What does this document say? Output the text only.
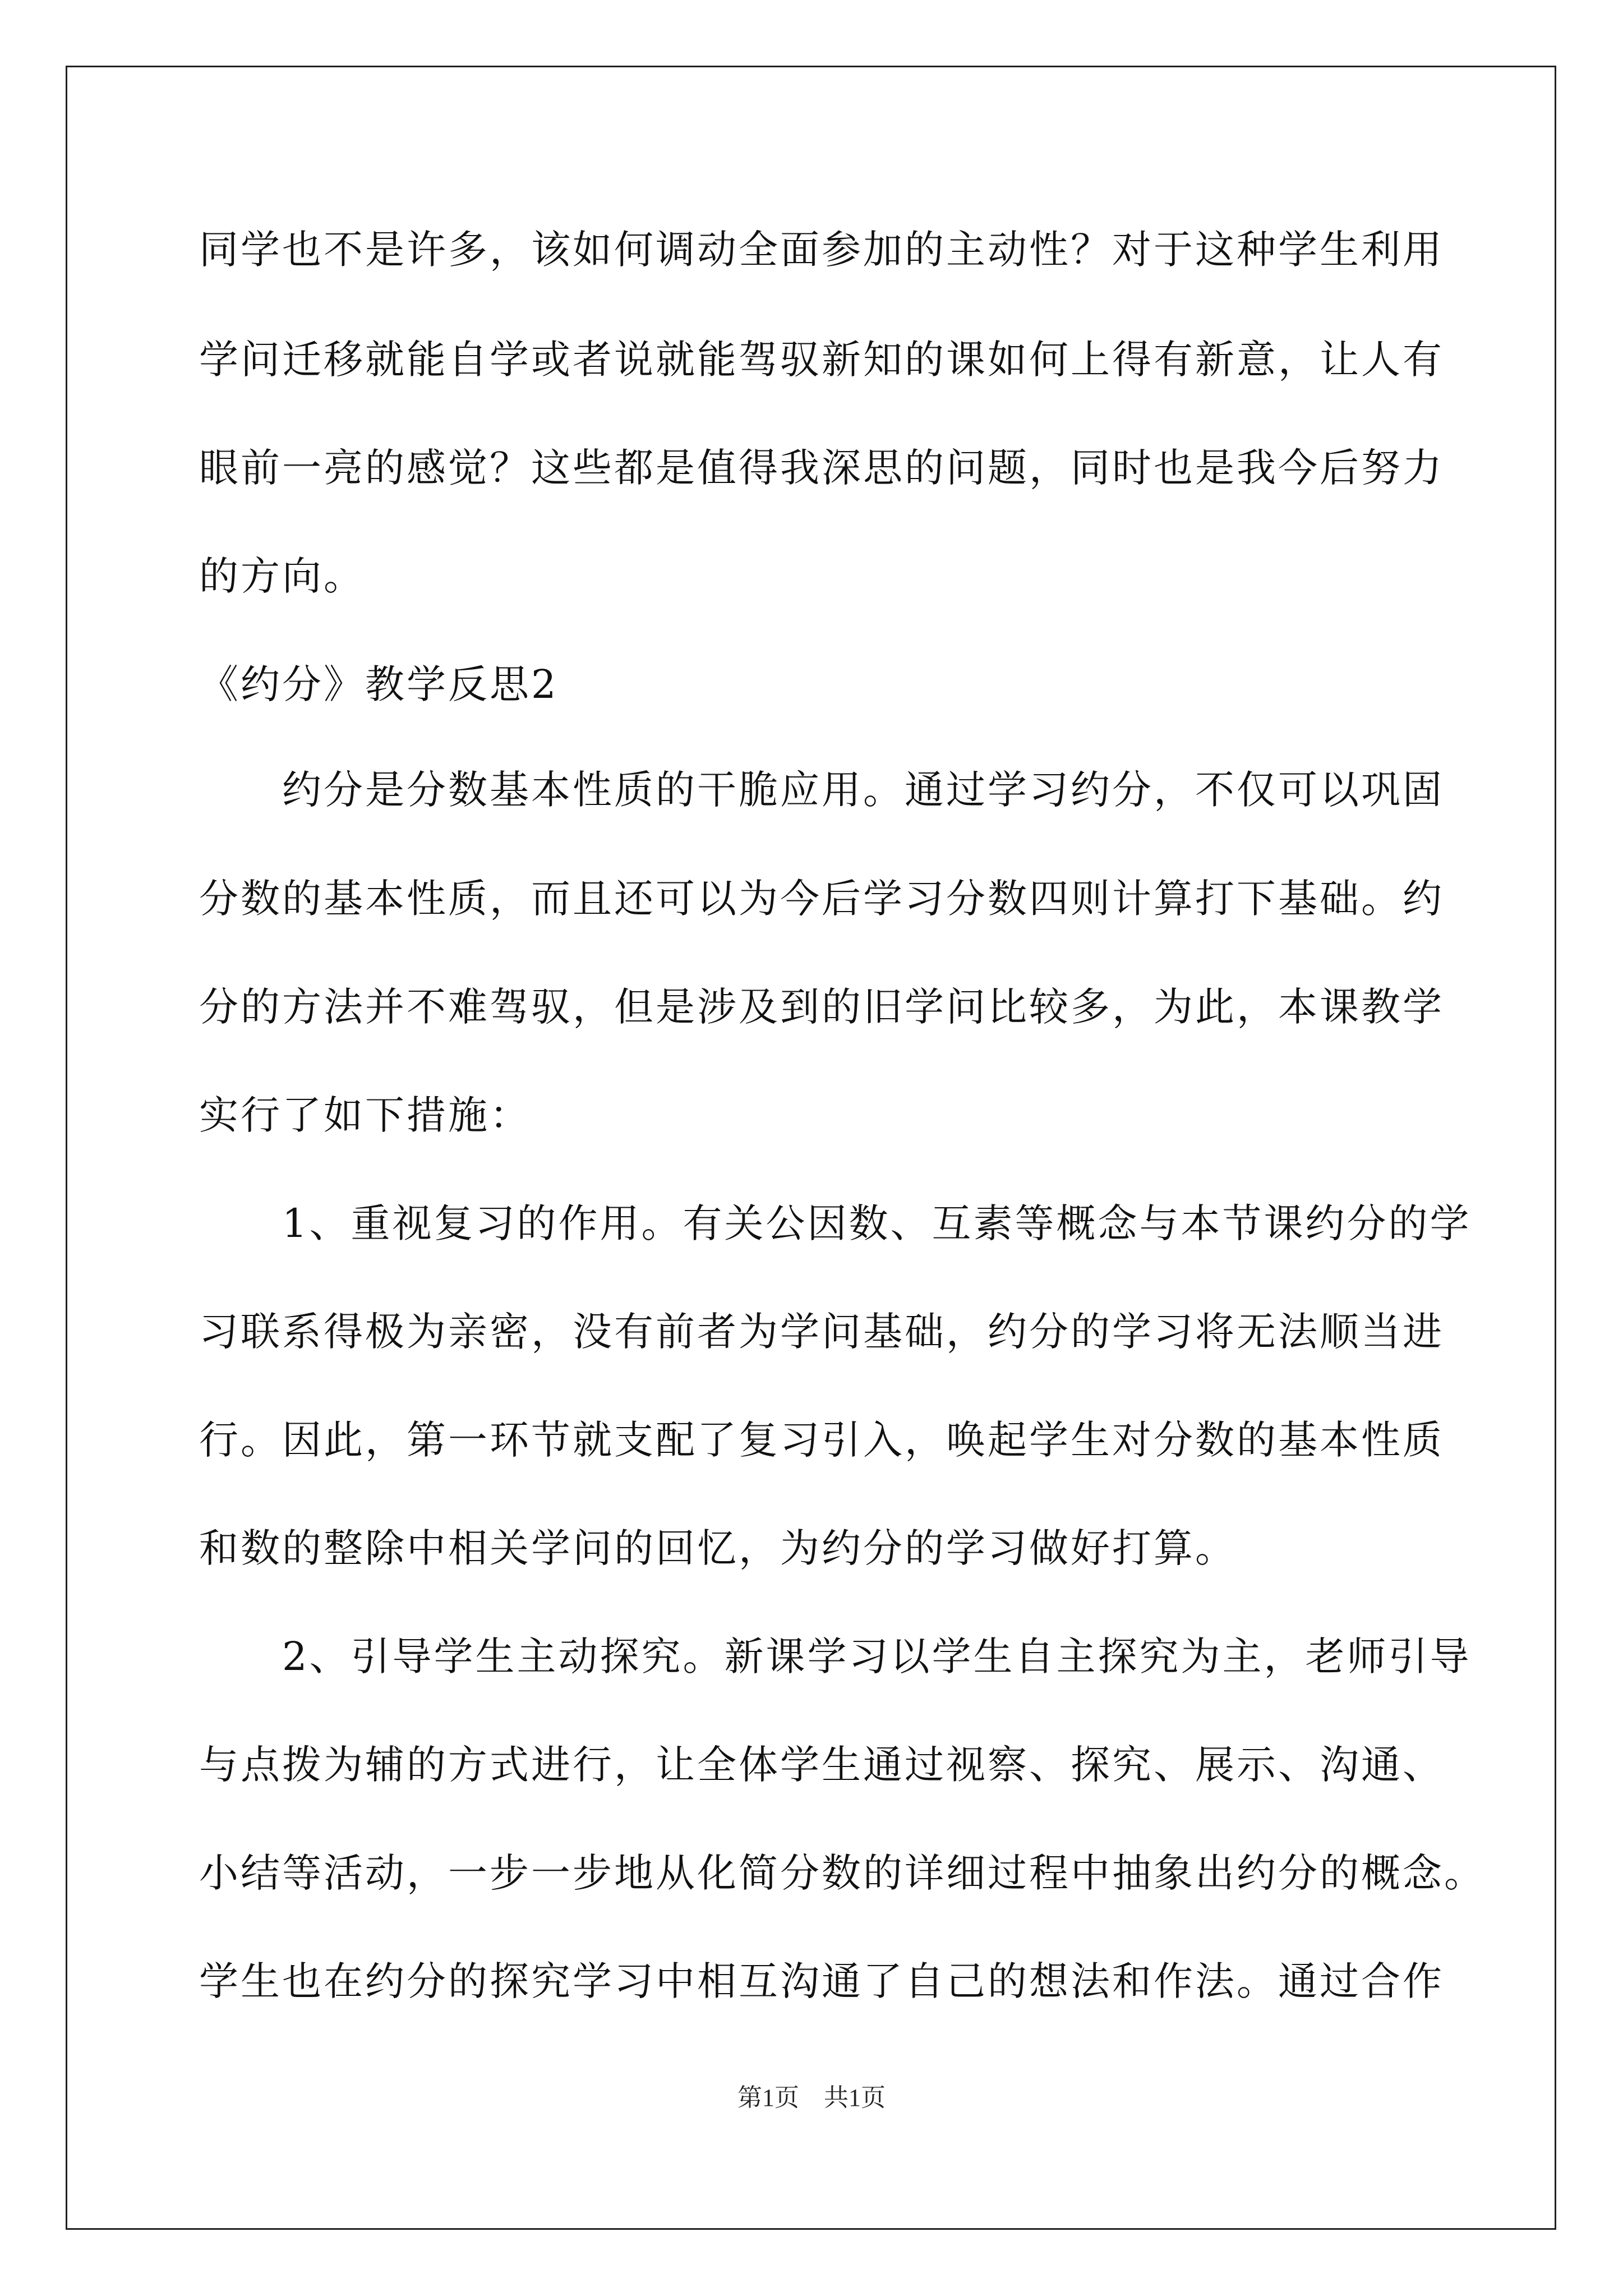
同学也不是许多，该如何调动全面参加的主动性？对于这种学生利用
学问迁移就能自学或者说就能驾驭新知的课如何上得有新意，让人有
眼前一亮的感觉？这些都是值得我深思的问题，同时也是我今后努力
的方向。
《约分》教学反思2
　　约分是分数基本性质的干脆应用。通过学习约分，不仅可以巩固
分数的基本性质，而且还可以为今后学习分数四则计算打下基础。约
分的方法并不难驾驭，但是涉及到的旧学问比较多，为此，本课教学
实行了如下措施：
　　1、重视复习的作用。有关公因数、互素等概念与本节课约分的学
习联系得极为亲密，没有前者为学问基础，约分的学习将无法顺当进
行。因此，第一环节就支配了复习引入，唤起学生对分数的基本性质
和数的整除中相关学问的回忆，为约分的学习做好打算。
　　2、引导学生主动探究。新课学习以学生自主探究为主，老师引导
与点拨为辅的方式进行，让全体学生通过视察、探究、展示、沟通、
小结等活动，一步一步地从化简分数的详细过程中抽象出约分的概念。
学生也在约分的探究学习中相互沟通了自己的想法和作法。通过合作
第1页　共1页
